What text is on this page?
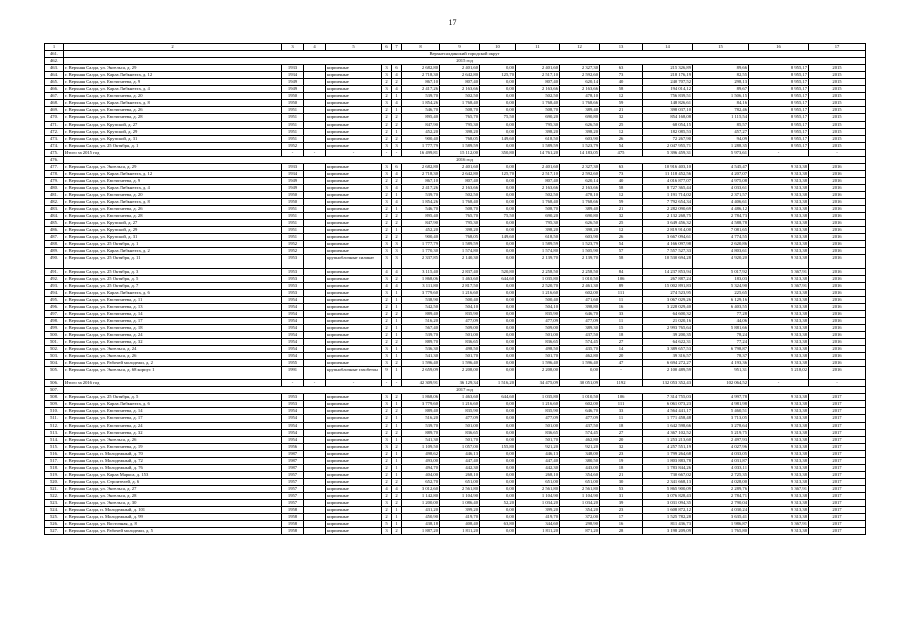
17
1	2	3	4	5	6	7	8	9	10	11	12	13	14	15	16	17
461.	Верхнесалдинский городской округ															
462.	2015 год															
463.	г. Верхняя Салда, ул. Энгельса, д. 29	1933		кирпичные	3	6	2 682,80	2 401,60	0,00	2 401,60	2 327,30	63	215 326,89	89,66	8 955,17	2015
464.	г. Верхняя Салда, ул. Карла Либкнехта, д. 12	1934		кирпичные	3	4	2 718,30	2 642,80	125,70	2 517,10	2 592,60	73	218 176,19	82,55	8 955,17	2015
465.	г. Верхняя Салда, ул. Евстигнеева, д. 9	1949		кирпичные	2	2	867,10	807,40	0,00	807,40	620,14	40	240 707,52	298,13	8 955,17	2015
466.	г. Верхняя Салда, ул. Карла Либкнехта, д. 4	1949		кирпичные	3	4	2 417,26	2 163,66	0,00	2 163,66	2 163,66	58	194 014,12	89,67	8 955,17	2015
467.	г. Верхняя Салда, ул. Евстигнеева, д. 20	1950		кирпичные	2	1	539,70	502,50	0,00	502,50	478,10	12	756 839,51	1 506,15	8 955,17	2015
468.	г. Верхняя Салда, ул. Карла Либкнехта, д. 8	1950		кирпичные	3	4	1 854,26	1 768,40	0,00	1 768,40	1 768,66	59	148 826,61	84,16	8 955,17	2015
469.	г. Верхняя Салда, ул. Евстигнеева, д. 26	1951		кирпичные	2	1	546,70	508,70	0,00	508,70	389,40	21	398 037,10	782,46	8 955,17	2015
470.	г. Верхняя Салда, ул. Евстигнеева, д. 28	1951		кирпичные	2	2	895,40	765,70	75,50	690,20	690,80	32	854 168,08	1 115,54	8 955,17	2015
471.	г. Верхняя Салда, ул. Крупской, д. 27	1951		кирпичные	2	2	847,90	795,30	0,00	795,30	626,50	25	68 054,15	85,57	8 955,17	2015
472.	г. Верхняя Салда, ул. Крупской, д. 29	1951		кирпичные	2	1	452,20	398,20	0,00	398,20	398,20	12	182 085,53	457,27	8 955,17	2015
473.	г. Верхняя Салда, ул. Крупской, д. 31	1951		кирпичные	2	2	900,40	768,05	149,60	618,50	603,90	26	72 267,90	94,09	8 955,17	2015
474.	г. Верхняя Салда, ул. 25 Октября, д. 1	1952		кирпичные	3	3	1 777,79	1 589,59	0,00	1 589,59	1 523,79	54	2 047 955,71	1 288,35	8 955,17	2015
475.	Итого за 2015 год	-	-	-	-	-	16 499,81	15 112,00	350,80	14 761,20	14 183,05	475	5 396 459,31	5 973,61	-	-
476.	2016 год															
477.	г. Верхняя Салда, ул. Энгельса, д. 29	1933		кирпичные	3	6	2 682,80	2 401,60	0,00	2 401,60	2 327,30	63	10 916 403,10	4 545,47	9 313,38	2016
478.	г. Верхняя Салда, ул. Карла Либкнехта, д. 12	1934		кирпичные	3	4	2 718,30	2 642,80	125,70	2 517,10	2 592,60	73	11 118 452,56	4 207,07	9 313,38	2016
479.	г. Верхняя Салда, ул. Евстигнеева, д. 9	1949		кирпичные	2	2	867,10	807,40	0,00	807,40	620,14	40	4 016 877,07	4 975,08	9 313,38	2016
480.	г. Верхняя Салда, ул. Карла Либкнехта, д. 4	1949		кирпичные	3	4	2 417,26	2 163,66	0,00	2 163,66	2 163,66	58	8 727 365,44	4 033,61	9 313,38	2016
481.	г. Верхняя Салда, ул. Евстигнеева, д. 20	1950		кирпичные	2	1	539,70	502,50	0,00	502,50	478,10	12	1 191 714,02	2 371,57	9 313,38	2016
482.	г. Верхняя Салда, ул. Карла Либкнехта, д. 8	1950		кирпичные	3	4	1 854,26	1 768,40	0,00	1 768,40	1 768,66	59	7 792 654,34	4 406,61	9 313,38	2016
483.	г. Верхняя Салда, ул. Евстигнеева, д. 26	1951		кирпичные	2	1	546,70	508,70	0,00	508,70	389,40	21	2 282 090,69	4 486,12	9 313,38	2016
484.	г. Верхняя Салда, ул. Евстигнеева, д. 28	1951		кирпичные	2	2	895,40	765,70	75,50	690,20	690,80	32	2 132 268,75	2 784,73	9 313,38	2016
485.	г. Верхняя Салда, ул. Крупской, д. 27	1951		кирпичные	2	2	847,90	795,30	0,00	795,30	626,50	25	3 649 456,32	4 588,78	9 313,38	2016
486.	г. Верхняя Салда, ул. Крупской, д. 29	1951		кирпичные	2	1	452,20	398,20	0,00	398,20	398,20	12	2 819 914,00	7 081,65	9 313,38	2016
487.	г. Верхняя Салда, ул. Крупской, д. 31	1951		кирпичные	2	2	900,40	768,05	149,60	618,50	603,90	26	3 667 094,61	4 774,55	9 313,38	2016
488.	г. Верхняя Салда, ул. 25 Октября, д. 1	1952		кирпичные	3	3	1 777,79	1 589,59	0,00	1 589,59	1 523,79	54	4 166 097,98	2 620,86	9 313,38	2016
489.	г. Верхняя Салда, ул. Карла Либкнехта, д. 2	1952		кирпичные	3	3	1 770,30	1 574,80	0,00	1 574,80	1 505,90	57	7 557 527,33	4 803,61	9 313,38	2016
490.	г. Верхняя Салда, ул. 25 Октября, д. 11	1953		крупноблочные силикат	3	3	2 337,85	2 140,30	0,00	2 139,70	2 139,70	58	10 530 694,28	4 920,20	9 313,38	2016
491.	г. Верхняя Салда, ул. 25 Октября, д. 3	1953		кирпичные	4	4	3 115,40	2 837,40	520,80	2 258,50	2 258,50	84	14 237 853,94	5 017,92	5 367,91	2016
492.	г. Верхняя Салда, ул. 25 Октября, д. 5	1953		кирпичные	3	2	1 868,06	1 463,60	644,60	1 035,80	1 010,50	106	267 887,24	183,03	9 313,38	2016
493.	г. Верхняя Салда, ул. 25 Октября, д. 7	1953		кирпичные	4	4	3 111,80	2 817,50	0,00	2 520,70	2 461,30	89	15 002 891,83	5 324,90	5 367,91	2016
494.	г. Верхняя Салда, ул. Карла Либкнехта, д. 6	1953		кирпичные	3	1	3 779,60	1 216,60	0,00	1 216,60	602,00	111	274 523,95	225,65	9 313,38	2016
495.	г. Верхняя Салда, ул. Евстигнеева, д. 11	1954		кирпичные	2	1	538,90	500,40	0,00	500,40	471,60	11	3 067 029,26	6 129,16	9 313,38	2016
496.	г. Верхняя Салда, ул. Евстигнеева, д. 13	1954		кирпичные	2	1	542,50	504,10	0,00	504,10	398,80	16	3 228 029,40	6 403,55	9 313,38	2016
497.	г. Верхняя Салда, ул. Евстигнеева, д. 14	1954		кирпичные	2	2	889,40	835,90	0,00	835,90	646,70	33	64 600,32	77,28	9 313,38	2016
498.	г. Верхняя Салда, ул. Евстигнеева, д. 17	1954		кирпичные	2	1	516,20	477,09	0,00	477,09	477,09	11	21 020,16	44,06	9 313,38	2016
499.	г. Верхняя Салда, ул. Евстигнеева, д. 18	1954		кирпичные	2	1	567,40	509,00	0,00	509,00	389,30	15	2 993 765,64	5 881,66	9 313,38	2016
500.	г. Верхняя Салда, ул. Евстигнеева, д. 24	1954		кирпичные	2	1	539,70	501,00	0,00	501,00	437,50	18	39 200,35	78,24	9 313,38	2016
501.	г. Верхняя Салда, ул. Евстигнеева, д. 32	1954		кирпичные	2	2	889,70	836,65	0,00	836,65	574,45	27	64 622,31	77,24	9 313,38	2016
502.	г. Верхняя Салда, ул. Энгельса, д. 24	1954		кирпичные	3	1	536,30	498,50	0,00	498,50	435,70	14	3 389 657,53	6 798,87	9 313,38	2016
503.	г. Верхняя Салда, ул. Энгельса, д. 26	1954		кирпичные	3	1	541,30	501,70	0,00	501,70	462,80	20	39 316,57	78,37	9 313,38	2016
504.	г. Верхняя Салда, ул. Рабочей молодежи, д. 2	1955		кирпичные	3	2	1 596,40	1 596,40	0,00	1 596,40	1 596,40	47	6 694 272,27	4 193,36	9 313,38	2016
505.	г. Верхняя Салда, ул. Энгельса, д. 68 корпус 1	1991		крупноблочные газобетон	9	1	2 659,09	2 208,00	0,00	2 208,00	0,00	-	2 100 489,59	951,31	5 218,02	2016
506.	Итого за 2016 год	-	-	-	-	-	42 309,91	36 129,34	1 516,20	34 475,09	30 051,09	1192	132 053 352,43	102 064,52	-	-
507.	2017 год															
508.	г. Верхняя Салда, ул. 25 Октября, д. 5	1953		кирпичные	3	2	1 868,06	1 463,60	644,60	1 035,80	1 010,50	106	7 314 755,03	4 997,78	9 313,38	2017
509.	г. Верхняя Салда, ул. Карла Либкнехта, д. 6	1953		кирпичные	3	1	3 779,60	1 216,60	0,00	1 216,60	602,00	111	6 061 073,23	4 981,98	9 313,38	2017
510.	г. Верхняя Салда, ул. Евстигнеева, д. 14	1954		кирпичные	2	2	889,40	835,90	0,00	835,90	646,70	33	4 564 441,17	5 460,51	9 313,38	2017
511.	г. Верхняя Салда, ул. Евстигнеева, д. 17	1954		кирпичные	2	1	516,20	477,09	0,00	477,09	477,09	11	1 771 458,48	3 713,05	9 313,38	2017
512.	г. Верхняя Салда, ул. Евстигнеева, д. 24	1954		кирпичные	2	1	539,70	501,00	0,00	501,00	437,50	18	1 642 598,66	3 278,64	9 313,38	2017
513.	г. Верхняя Салда, ул. Евстигнеева, д. 32	1954		кирпичные	2	2	889,70	836,65	0,00	836,65	574,45	27	4 367 102,52	5 219,75	9 313,38	2017
514.	г. Верхняя Салда, ул. Энгельса, д. 26	1954		кирпичные	3	1	541,30	501,70	0,00	501,70	462,80	20	1 253 213,60	2 497,93	9 313,38	2017
515.	г. Верхняя Салда, ул. Евстигнеева, д. 19	1956		кирпичные	3	2	1 109,50	1 057,00	155,80	921,20	921,20	32	4 257 551,19	4 027,96	9 313,38	2017
516.	г. Верхняя Салда, п. Молодежный, д. 70	1987		кирпичные	2	1	498,62	446,13	0,00	446,13	348,00	23	1 799 264,68	4 033,05	9 313,38	2017
517.	г. Верхняя Салда, п. Молодежный, д. 72	1987		кирпичные	2	1	493,00	447,40	0,00	447,40	380,50	19	1 803 883,78	4 031,87	9 313,38	2017
518.	г. Верхняя Салда, п. Молодежный, д. 76	1987		кирпичные	2	1	494,70	442,30	0,00	442,30	443,00	18	1 783 844,26	4 033,11	9 313,38	2017
519.	г. Верхняя Салда, ул. Карла Маркса, д. 153	1957		кирпичные	2	1	404,00	268,10	0,00	268,10	354,60	21	730 667,02	2 725,35	9 313,38	2017
520.	г. Верхняя Салда, ул. Строителей, д. 6	1957		кирпичные	2	2	652,70	651,00	0,00	651,00	651,00	30	2 341 668,13	4 028,00	9 313,38	2017
521.	г. Верхняя Салда, ул. Энгельса, д. 27	1957		кирпичные	4	4	3 012,60	2 561,80	0,00	2 561,80	2 561,80	53	5 865 900,09	2 289,76	5 367,91	2017
522.	г. Верхняя Салда, ул. Энгельса, д. 28	1957		кирпичные	2	2	1 142,80	1 104,90	0,00	1 104,90	1 104,90	31	3 076 828,43	2 784,71	9 313,38	2017
523.	г. Верхняя Салда, ул. Энгельса, д. 30	1957		кирпичные	3	2	1 200,00	1 086,40	52,20	1 034,20	1 034,20	39	3 031 094,35	2 790,04	9 313,38	2017
524.	г. Верхняя Салда, п. Молодежный, д. 101	1958		кирпичные	2	1	431,20	399,20	0,00	399,20	354,20	23	1 608 872,12	4 030,24	9 313,38	2017
525.	г. Верхняя Салда, п. Молодежный, д. 99	1958		кирпичные	2	1	450,90	419,70	0,00	419,70	372,00	17	1 525 782,28	3 635,41	9 313,38	2017
526.	г. Верхняя Салда, ул. Восточная, д. 8	1958		кирпичные	5	1	438,18	408,40	63,80	344,60	298,90	16	811 436,73	1 986,87	5 367,91	2017
527.	г. Верхняя Салда, ул. Рабочей молодежи, д. 5	1958		кирпичные	3	2	1 887,20	1 811,20	0,00	1 811,20	871,20	28	3 198 209,09	1 765,80	9 313,38	2017
